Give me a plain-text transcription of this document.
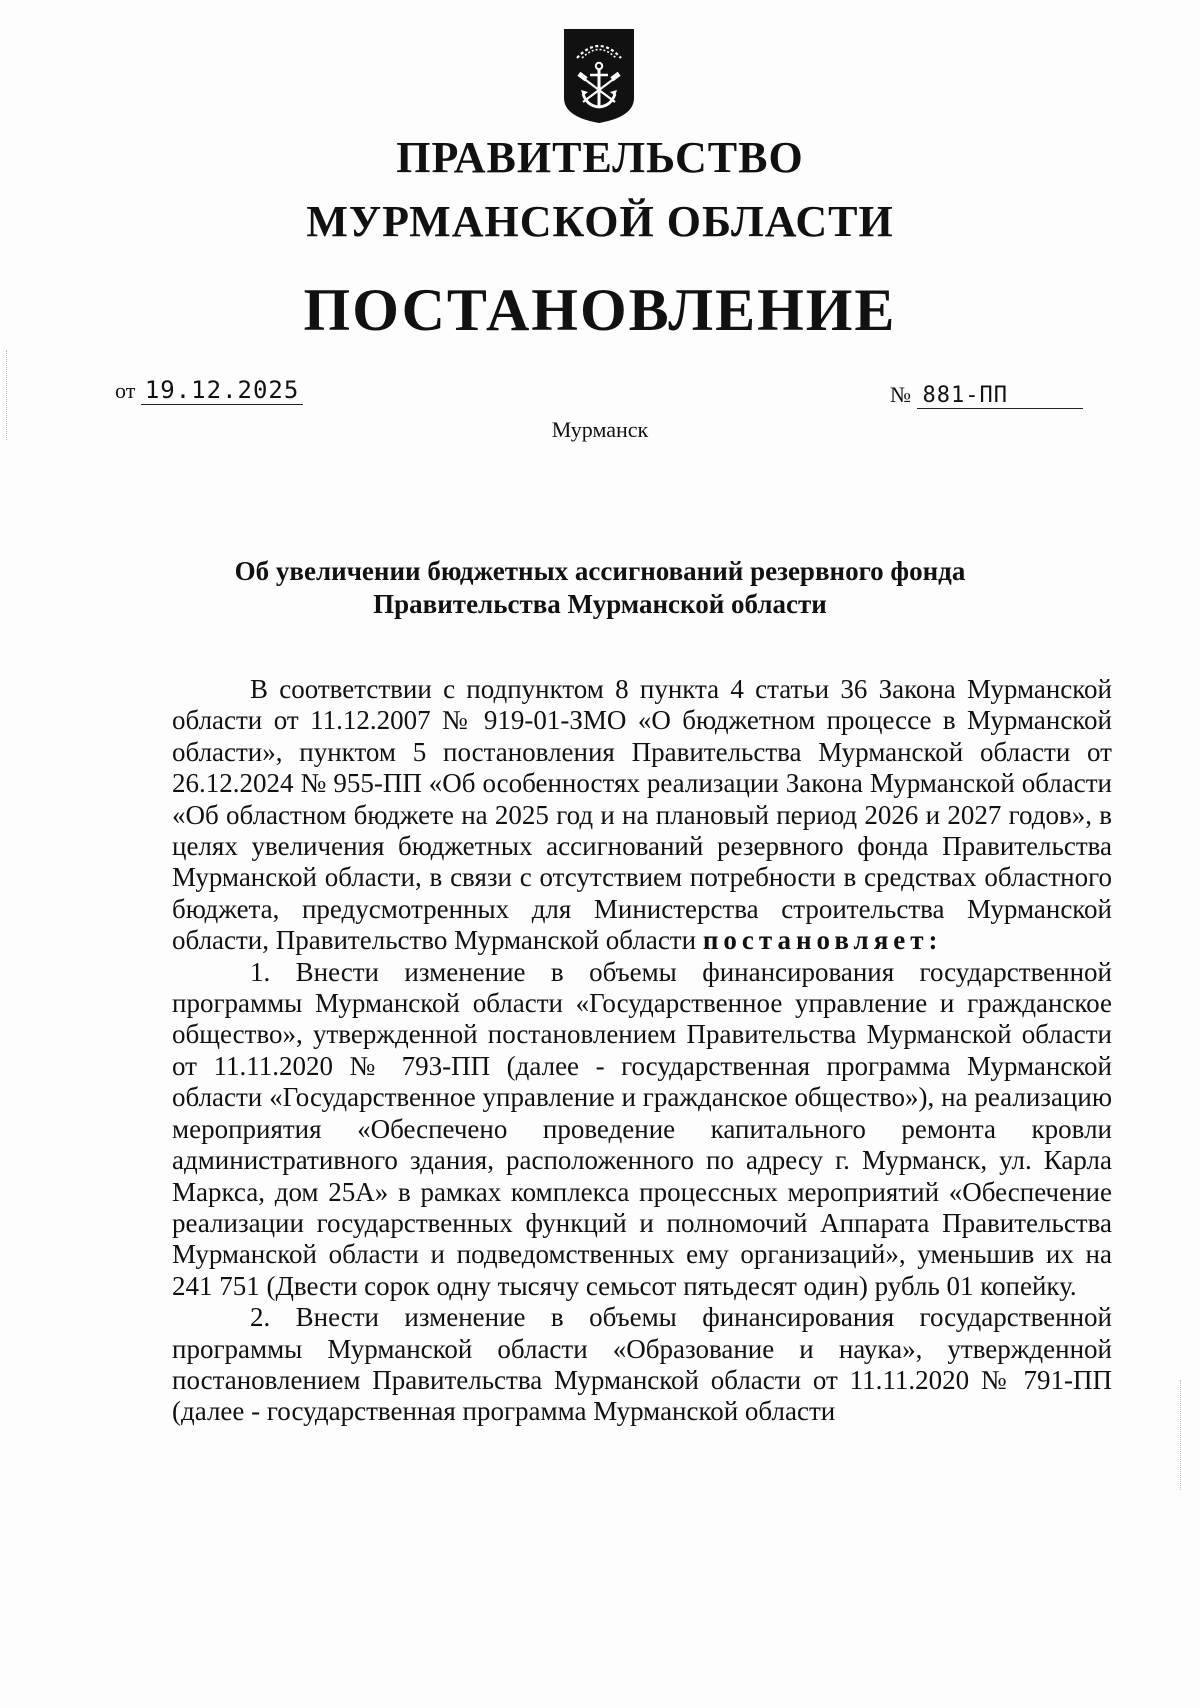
ПРАВИТЕЛЬСТВО
МУРМАНСКОЙ ОБЛАСТИ
ПОСТАНОВЛЕНИЕ
от 19.12.2025	№ 881-ПП
Мурманск
Об увеличении бюджетных ассигнований резервного фонда
Правительства Мурманской области

В соответствии с подпунктом 8 пункта 4 статьи 36 Закона Мурманской области от 11.12.2007 № 919-01-ЗМО «О бюджетном процессе в Мурманской области», пунктом 5 постановления Правительства Мурманской области от 26.12.2024 № 955-ПП «Об особенностях реализации Закона Мурманской области «Об областном бюджете на 2025 год и на плановый период 2026 и 2027 годов», в целях увеличения бюджетных ассигнований резервного фонда Правительства Мурманской области, в связи с отсутствием потребности в средствах областного бюджета, предусмотренных для Министерства строительства Мурманской области, Правительство Мурманской области постановляет:

1. Внести изменение в объемы финансирования государственной программы Мурманской области «Государственное управление и гражданское общество», утвержденной постановлением Правительства Мурманской области от 11.11.2020 № 793-ПП (далее - государственная программа Мурманской области «Государственное управление и гражданское общество»), на реализацию мероприятия «Обеспечено проведение капитального ремонта кровли административного здания, расположенного по адресу г. Мурманск, ул. Карла Маркса, дом 25А» в рамках комплекса процессных мероприятий «Обеспечение реализации государственных функций и полномочий Аппарата Правительства Мурманской области и подведомственных ему организаций», уменьшив их на 241 751 (Двести сорок одну тысячу семьсот пятьдесят один) рубль 01 копейку.

2. Внести изменение в объемы финансирования государственной программы Мурманской области «Образование и наука», утвержденной постановлением Правительства Мурманской области от 11.11.2020 № 791-ПП (далее - государственная программа Мурманской области
